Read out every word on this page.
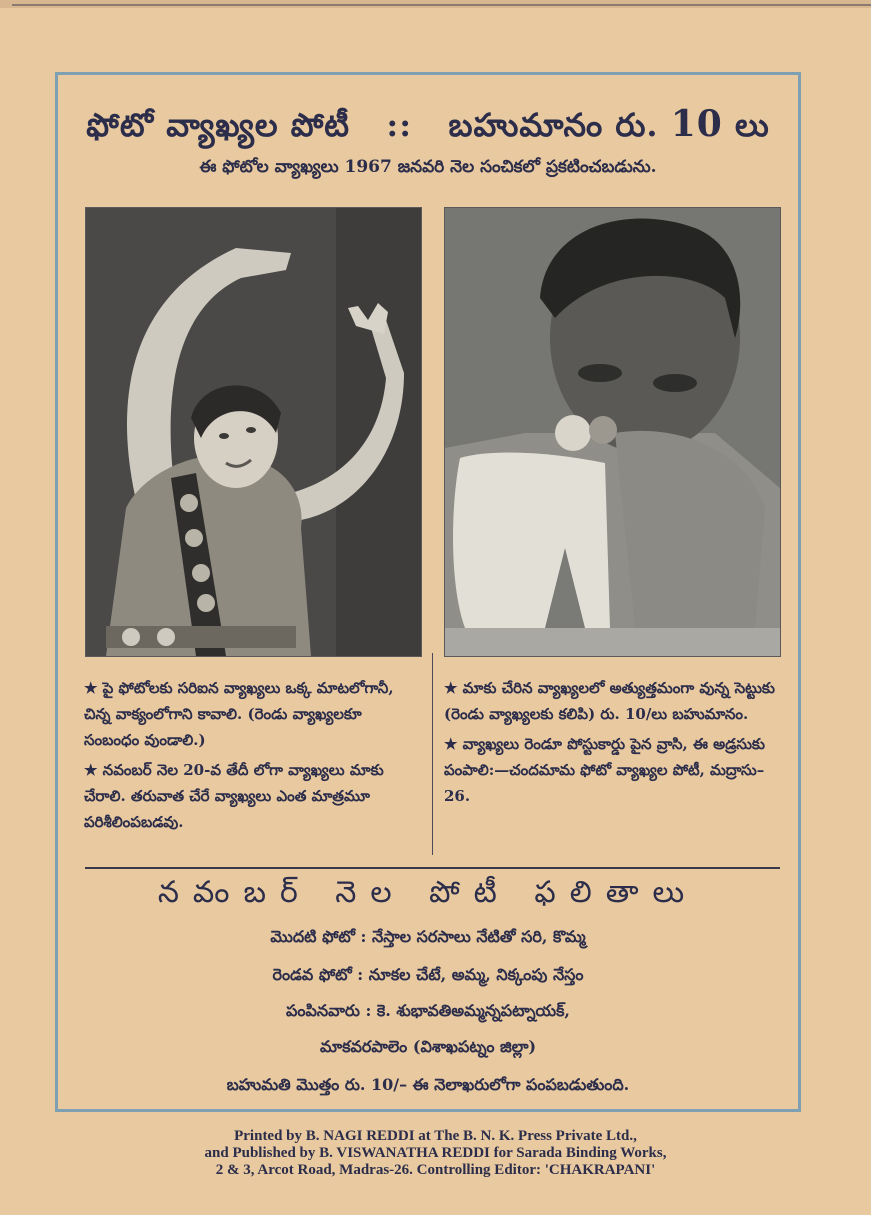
ఫోటో వ్యాఖ్యల పోటీ :: బహుమానం రు. 10 లు
ఈ ఫోటోల వ్యాఖ్యలు 1967 జనవరి నెల సంచికలో ప్రకటించబడును.

★ పై ఫోటోలకు సరిఐన వ్యాఖ్యలు ఒక్క మాటలోగానీ, చిన్న వాక్యంలోగాని కావాలి. (రెండు వ్యాఖ్యలకూ సంబంధం వుండాలి.)

★ నవంబర్ నెల 20-వ తేదీ లోగా వ్యాఖ్యలు మాకు చేరాలి. తరువాత చేరే వ్యాఖ్యలు ఎంత మాత్రమూ పరిశీలింపబడవు.

★ మాకు చేరిన వ్యాఖ్యలలో అత్యుత్తమంగా వున్న సెట్టుకు (రెండు వ్యాఖ్యలకు కలిపి) రు. 10/లు బహుమానం.

★ వ్యాఖ్యలు రెండూ పోస్టుకార్డు పైన వ్రాసి, ఈ అడ్రసుకు పంపాలి:—చందమామ ఫోటో వ్యాఖ్యల పోటీ, మద్రాసు–26.

నవంబర్ నెల పోటీ ఫలితాలు
మొదటి ఫోటో : నేస్తాల సరసాలు నేటితో సరి, కొమ్మ
రెండవ ఫోటో : నూకల చేటే, అమ్మ, నిక్కంపు నేస్తం
పంపినవారు : కె. శుభావతిఅమ్మన్నపట్నాయక్,
మాకవరపాలెం (విశాఖపట్నం జిల్లా)
బహుమతి మొత్తం రు. 10/– ఈ నెలాఖరులోగా పంపబడుతుంది.
Printed by B. NAGI REDDI at The B. N. K. Press Private Ltd.,
and Published by B. VISWANATHA REDDI for Sarada Binding Works,
2 & 3, Arcot Road, Madras-26. Controlling Editor: 'CHAKRAPANI'
